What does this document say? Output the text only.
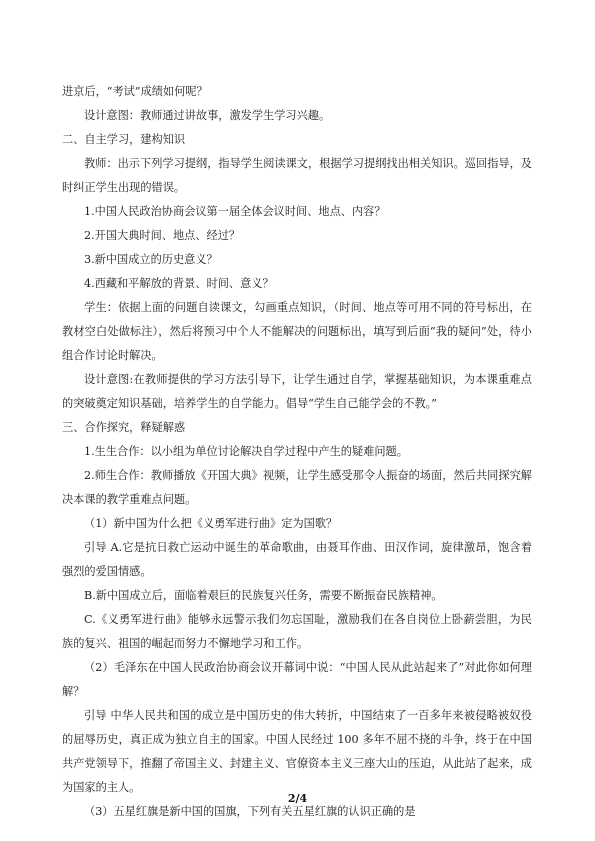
进京后，“考试”成绩如何呢？

设计意图：教师通过讲故事，激发学生学习兴趣。

二、自主学习，建构知识

教师：出示下列学习提纲，指导学生阅读课文，根据学习提纲找出相关知识。巡回指导，及时纠正学生出现的错误。

1.中国人民政治协商会议第一届全体会议时间、地点、内容？

2.开国大典时间、地点、经过？

3.新中国成立的历史意义？

4.西藏和平解放的背景、时间、意义？

学生：依据上面的问题自读课文，勾画重点知识，（时间、地点等可用不同的符号标出，在教材空白处做标注），然后将预习中个人不能解决的问题标出，填写到后面“我的疑问”处，待小组合作讨论时解决。

设计意图:在教师提供的学习方法引导下，让学生通过自学，掌握基础知识，为本课重难点的突破奠定知识基础，培养学生的自学能力。倡导“学生自己能学会的不教。”

三、合作探究，释疑解惑

1.生生合作：以小组为单位讨论解决自学过程中产生的疑难问题。

2.师生合作：教师播放《开国大典》视频，让学生感受那令人振奋的场面，然后共同探究解决本课的教学重难点问题。

（1）新中国为什么把《义勇军进行曲》定为国歌？

引导 A.它是抗日救亡运动中诞生的革命歌曲，由聂耳作曲、田汉作词，旋律激昂，饱含着强烈的爱国情感。

B.新中国成立后，面临着艰巨的民族复兴任务，需要不断振奋民族精神。

C.《义勇军进行曲》能够永远警示我们勿忘国耻，激励我们在各自岗位上卧薪尝胆，为民族的复兴、祖国的崛起而努力不懈地学习和工作。

（2）毛泽东在中国人民政治协商会议开幕词中说：“中国人民从此站起来了”对此你如何理解？

引导 中华人民共和国的成立是中国历史的伟大转折，中国结束了一百多年来被侵略被奴役的屈辱历史，真正成为独立自主的国家。中国人民经过 100 多年不屈不挠的斗争，终于在中国共产党领导下，推翻了帝国主义、封建主义、官僚资本主义三座大山的压迫，从此站了起来，成为国家的主人。

（3）五星红旗是新中国的国旗，下列有关五星红旗的认识正确的是

2/4
